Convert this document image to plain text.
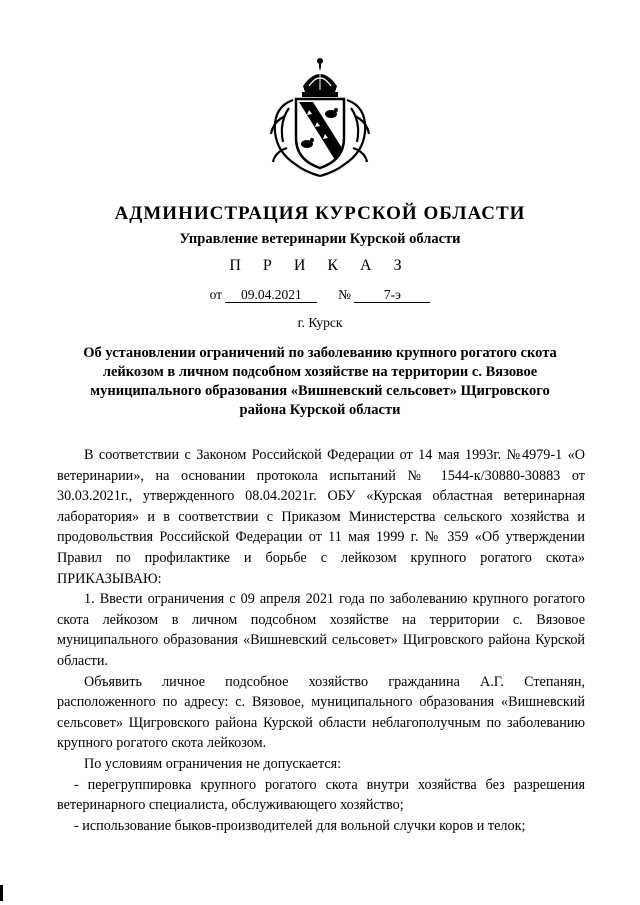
АДМИНИСТРАЦИЯ КУРСКОЙ ОБЛАСТИ
Управление ветеринарии Курской области
П Р И К А З
от 09.04.2021	№ 7-э
г. Курск
Об установлении ограничений по заболеванию крупного рогатого скота лейкозом в личном подсобном хозяйстве на территории с. Вязовое муниципального образования «Вишневский сельсовет» Щигровского района Курской области

В соответствии с Законом Российской Федерации от 14 мая 1993г. №4979-1 «О ветеринарии», на основании протокола испытаний № 1544-к/30880-30883 от 30.03.2021г., утвержденного 08.04.2021г. ОБУ «Курская областная ветеринарная лаборатория» и в соответствии с Приказом Министерства сельского хозяйства и продовольствия Российской Федерации от 11 мая 1999 г. № 359 «Об утверждении Правил по профилактике и борьбе с лейкозом крупного рогатого скота» ПРИКАЗЫВАЮ:

1. Ввести ограничения с 09 апреля 2021 года по заболеванию крупного рогатого скота лейкозом в личном подсобном хозяйстве на территории с. Вязовое муниципального образования «Вишневский сельсовет» Щигровского района Курской области.

Объявить личное подсобное хозяйство гражданина А.Г. Степанян, расположенного по адресу: с. Вязовое, муниципального образования «Вишневский сельсовет» Щигровского района Курской области неблагополучным по заболеванию крупного рогатого скота лейкозом.

По условиям ограничения не допускается:

- перегруппировка крупного рогатого скота внутри хозяйства без разрешения ветеринарного специалиста, обслуживающего хозяйство;

- использование быков-производителей для вольной случки коров и телок;
